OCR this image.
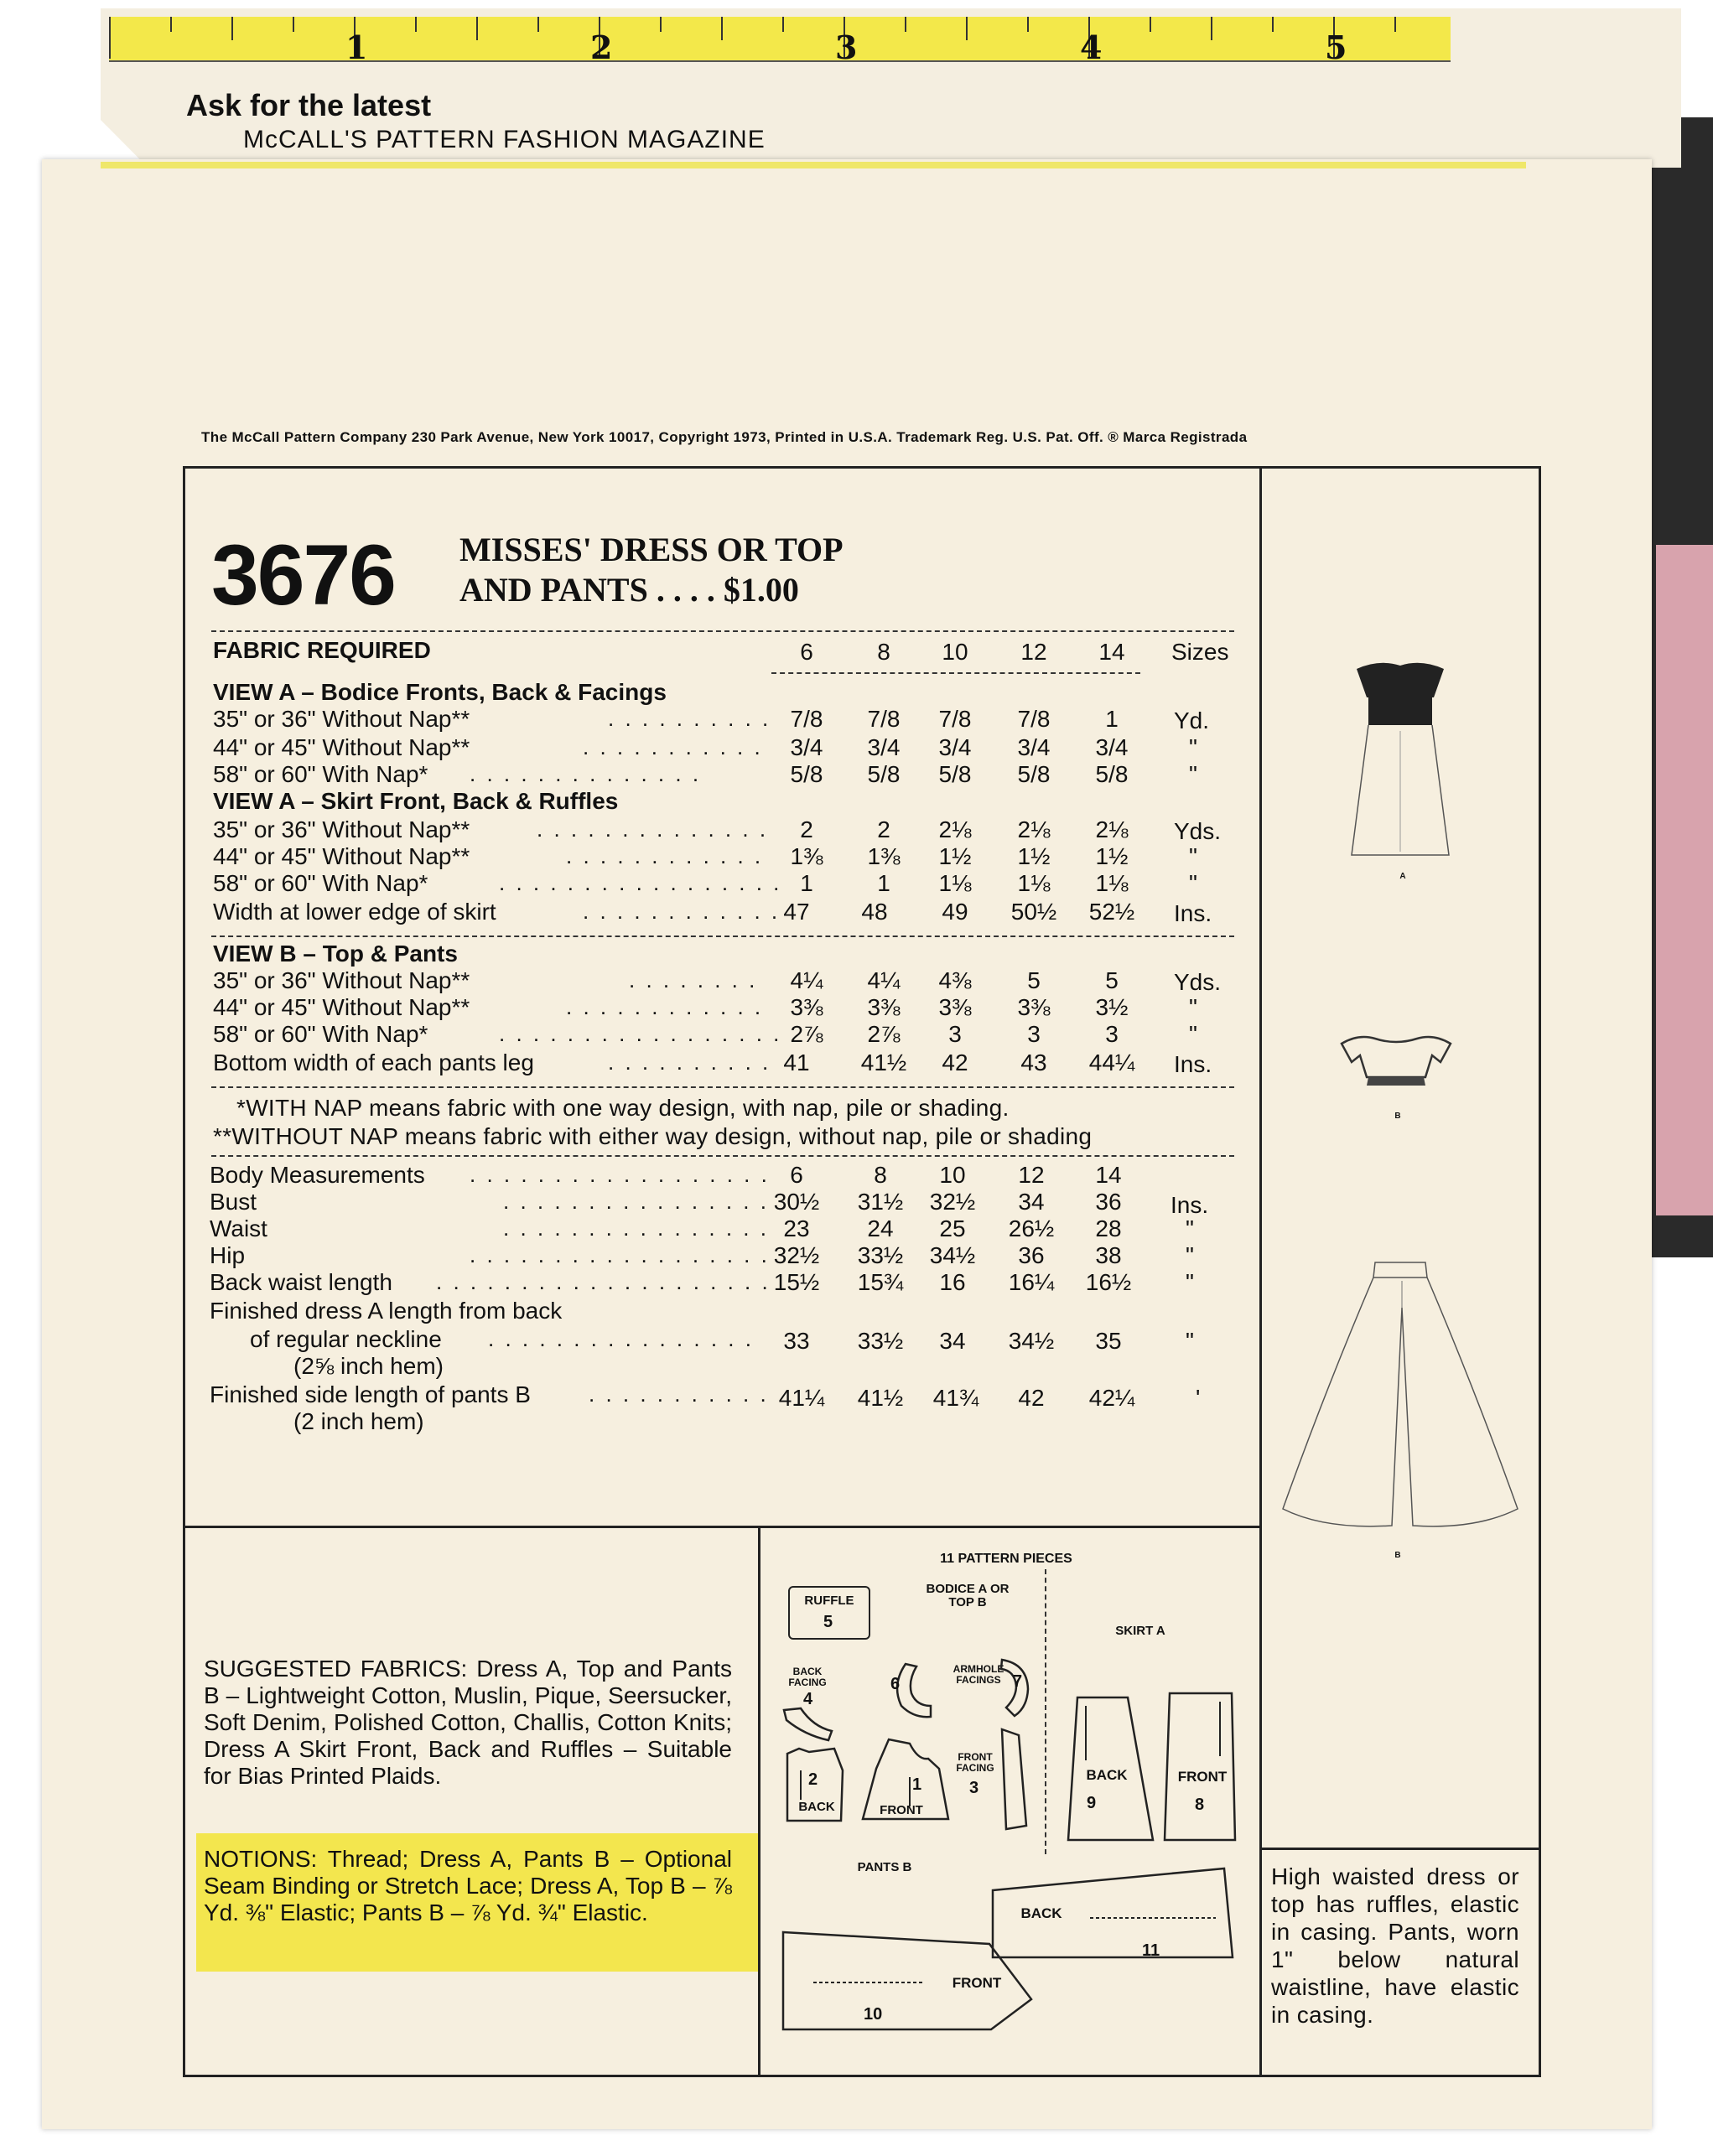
1	2	3	4	5
Ask for the latest
McCALL'S PATTERN FASHION MAGAZINE
The McCall Pattern Company 230 Park Avenue, New York 10017, Copyright 1973, Printed in U.S.A. Trademark Reg. U.S. Pat. Off. ® Marca Registrada
3676 MISSES' DRESS OR TOP
AND PANTS . . . . $1.00
FABRIC REQUIRED	6	8	10	12	14	Sizes
VIEW A – Bodice Fronts, Back & Facings
35" or 36" Without Nap**	. . . . . . . . . . 7/8	7/8	7/8	7/8	1	Yd.
44" or 45" Without Nap**	. . . . . . . . . . .	3/4	3/4	3/4	3/4	3/4	"
58" or 60" With Nap* . . . . . . . . . . . . . .	5/8	5/8	5/8	5/8	5/8	"
VIEW A – Skirt Front, Back & Ruffles
35" or 36" Without Nap**	. . . . . . . . . . . . . .	2	2	2⅛	2⅛	2⅛	Yds.
44" or 45" Without Nap**	. . . . . . . . . . . .	1⅜	1⅜	1½	1½	1½	"
58" or 60" With Nap*	. . . . . . . . . . . . . . . . . 1	1	1⅛	1⅛	1⅛	"
Width at lower edge of skirt	. . . . . . . . . . . . 47	48	49	50½	52½	Ins.
VIEW B – Top & Pants
35" or 36" Without Nap**	. . . . . . . .	4¼	4¼	4⅜	5	5	Yds.
44" or 45" Without Nap**	. . . . . . . . . . . .	3⅜	3⅜	3⅜	3⅜	3½	"
58" or 60" With Nap*	. . . . . . . . . . . . . . . . . 2⅞	2⅞	3	3	3	"
Bottom width of each pants leg	. . . . . . . . . . 41	41½	42	43	44¼	Ins.
*WITH NAP means fabric with one way design, with nap, pile or shading.
**WITHOUT NAP means fabric with either way design, without nap, pile or shading
Body Measurements . . . . . . . . . . . . . . . . . . 6	8	10	12	14
Bust	. . . . . . . . . . . . . . . . 30½	31½	32½	34	36	Ins.
Waist	. . . . . . . . . . . . . . . . 23	24	25	26½	28	"
Hip	. . . . . . . . . . . . . . . . . . 32½	33½	34½	36	38	"
Back waist length . . . . . . . . . . . . . . . . . . . . 15½	15¾	16	16¼	16½	"
Finished dress A length from back
of regular neckline . . . . . . . . . . . . . . . .	33	33½	34	34½	35	"
(2⅝ inch hem)
Finished side length of pants B	. . . . . . . . . . . 41¼	41½	41¾	42	42¼	'
(2 inch hem)
SUGGESTED FABRICS: Dress A, Top and Pants B – Lightweight Cotton, Muslin, Pique, Seersucker, Soft Denim, Polished Cotton, Challis, Cotton Knits; Dress A Skirt Front, Back and Ruffles – Suitable for Bias Printed Plaids.
NOTIONS: Thread; Dress A, Pants B – Optional Seam Binding or Stretch Lace; Dress A, Top B – ⅞ Yd. ⅜" Elastic; Pants B – ⅞ Yd. ¾" Elastic.
11 PATTERN PIECES
RUFFLE
5
BODICE A OR TOP B
SKIRT A
BACK FACING
4
6
ARMHOLE FACINGS 7
2
BACK
1
FRONT
FRONT FACING
3
BACK
9
FRONT
8
PANTS B
BACK
11
FRONT
10
A
B
B
High waisted dress or top has ruffles, elastic in casing. Pants, worn 1" below natural waistline, have elastic in casing.
